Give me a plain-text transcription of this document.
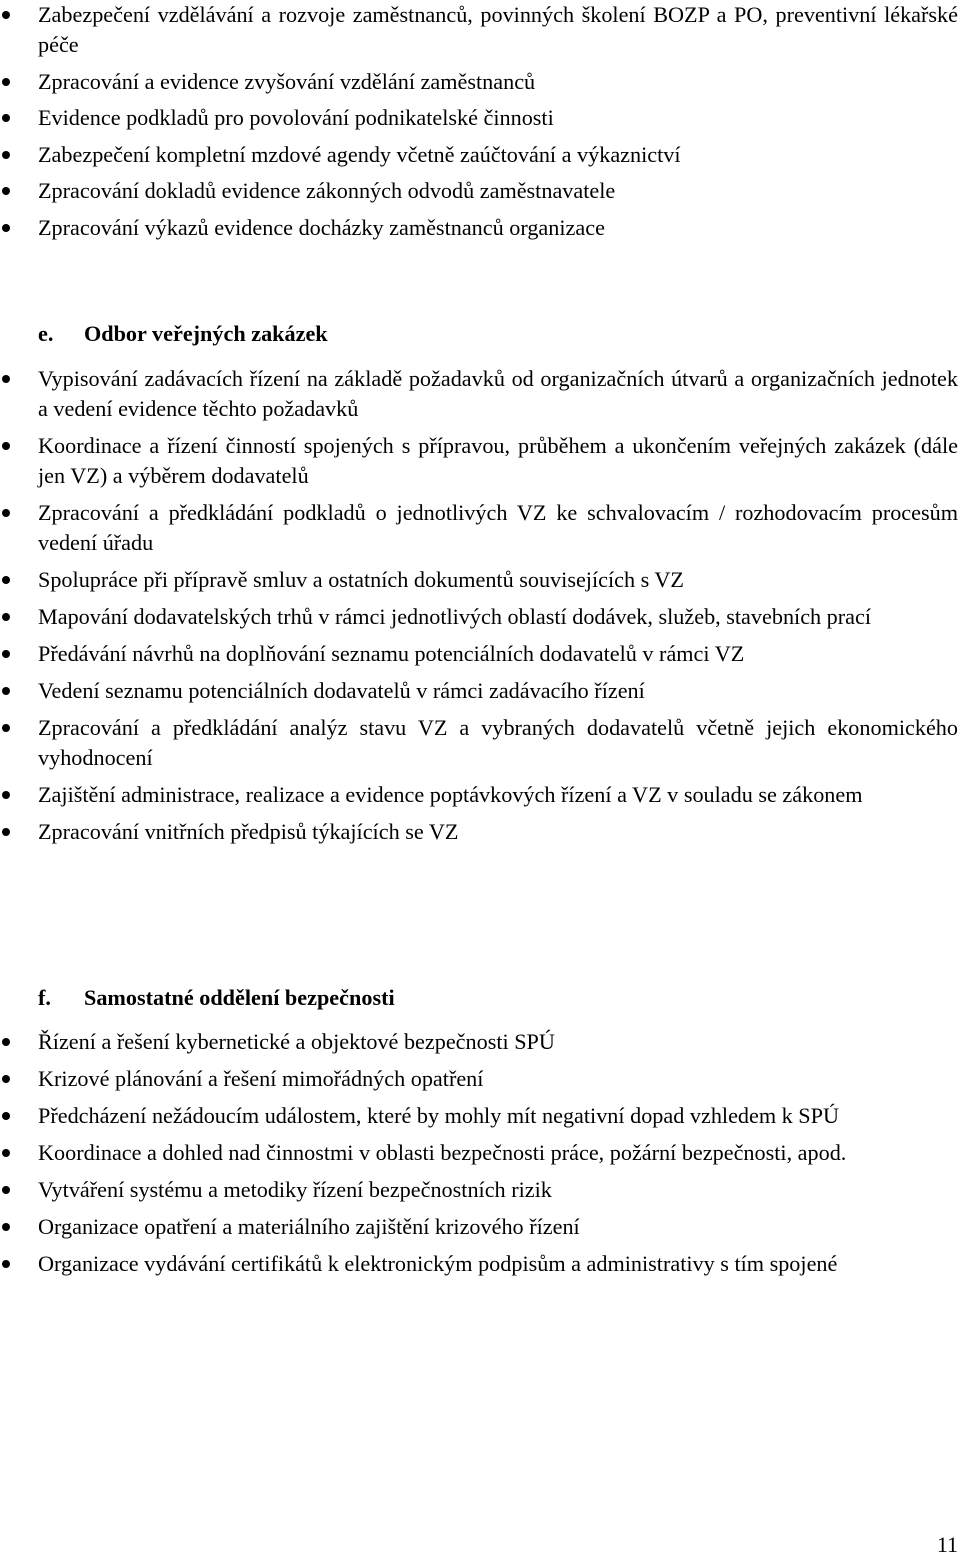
Zabezpečení vzdělávání a rozvoje zaměstnanců, povinných školení BOZP a PO, preventivní lékařské péče
Zpracování a evidence zvyšování vzdělání zaměstnanců
Evidence podkladů pro povolování podnikatelské činnosti
Zabezpečení kompletní mzdové agendy včetně zaúčtování a výkaznictví
Zpracování dokladů evidence zákonných odvodů zaměstnavatele
Zpracování výkazů evidence docházky zaměstnanců organizace
e. Odbor veřejných zakázek
Vypisování zadávacích řízení na základě požadavků od organizačních útvarů a organizačních jednotek a vedení evidence těchto požadavků
Koordinace a řízení činností spojených s přípravou, průběhem a ukončením veřejných zakázek (dále jen VZ) a výběrem dodavatelů
Zpracování a předkládání podkladů o jednotlivých VZ ke schvalovacím / rozhodovacím procesům vedení úřadu
Spolupráce při přípravě smluv a ostatních dokumentů souvisejících s VZ
Mapování dodavatelských trhů v rámci jednotlivých oblastí dodávek, služeb, stavebních prací
Předávání návrhů na doplňování seznamu potenciálních dodavatelů v rámci VZ
Vedení seznamu potenciálních dodavatelů v rámci zadávacího řízení
Zpracování a předkládání analýz stavu VZ a vybraných dodavatelů včetně jejich ekonomického vyhodnocení
Zajištění administrace, realizace a evidence poptávkových řízení a VZ v souladu se zákonem
Zpracování vnitřních předpisů týkajících se VZ
f. Samostatné oddělení bezpečnosti
Řízení a řešení kybernetické a objektové bezpečnosti SPÚ
Krizové plánování a řešení mimořádných opatření
Předcházení nežádoucím událostem, které by mohly mít negativní dopad vzhledem k SPÚ
Koordinace a dohled nad činnostmi v oblasti bezpečnosti práce, požární bezpečnosti, apod.
Vytváření systému a metodiky řízení bezpečnostních rizik
Organizace opatření a materiálního zajištění krizového řízení
Organizace vydávání certifikátů k elektronickým podpisům a administrativy s tím spojené
11
